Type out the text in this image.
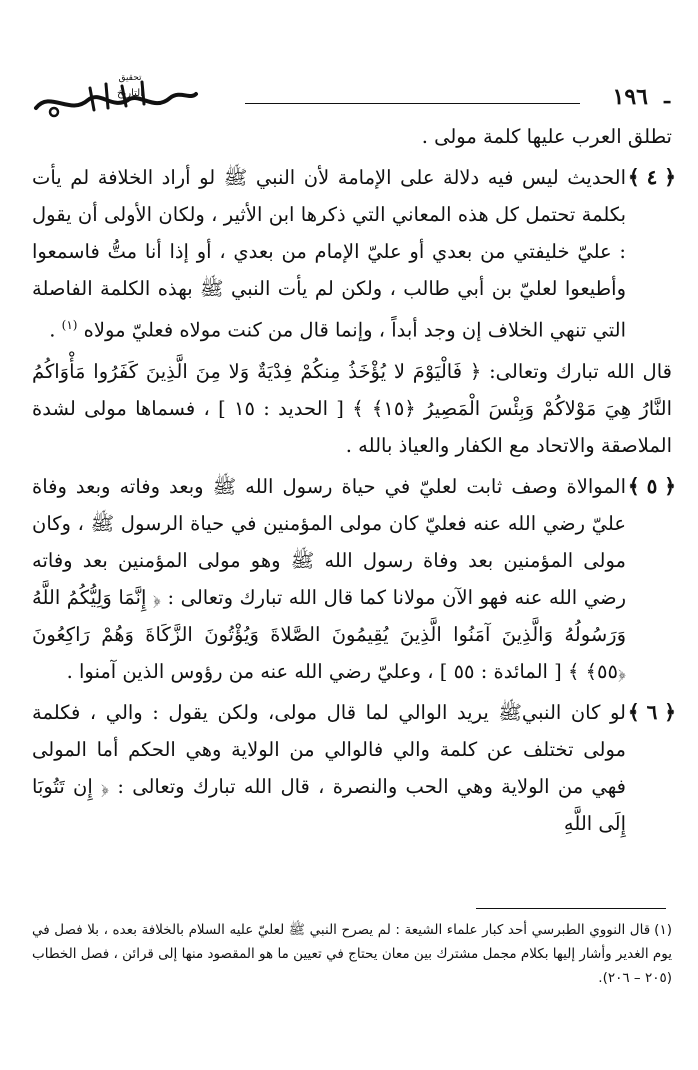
تحقيق
التاريخ	١٩٦ ـ

تطلق العرب عليها كلمة مولى .

﴿ ٤ ﴾
الحديث ليس فيه دلالة على الإمامة لأن النبي ﷺ لو أراد الخلافة لم يأت بكلمة تحتمل كل هذه المعاني التي ذكرها ابن الأثير ، ولكان الأولى أن يقول : عليّ خليفتي من بعدي أو عليّ الإمام من بعدي ، أو إذا أنا متُّ فاسمعوا وأطيعوا لعليّ بن أبي طالب ، ولكن لم يأت النبي ﷺ بهذه الكلمة الفاصلة التي تنهي الخلاف إن وجد أبداً ، وإنما قال من كنت مولاه فعليّ مولاه $^{(١)}$ .

قال الله تبارك وتعالى: ﴿ فَالْيَوْمَ لا يُؤْخَذُ مِنكُمْ فِدْيَةٌ وَلا مِنَ الَّذِينَ كَفَرُوا مَأْوَاكُمُ النَّارُ هِيَ مَوْلاكُمْ وَبِئْسَ الْمَصِيرُ ﴿١٥﴾ ﴾ [ الحديد : ١٥ ] ، فسماها مولى لشدة الملاصقة والاتحاد مع الكفار والعياذ بالله .

﴿ ٥ ﴾
الموالاة وصف ثابت لعليّ في حياة رسول الله ﷺ وبعد وفاته وبعد وفاة عليّ رضي الله عنه فعليّ كان مولى المؤمنين في حياة الرسول ﷺ ، وكان مولى المؤمنين بعد وفاة رسول الله ﷺ وهو مولى المؤمنين بعد وفاته رضي الله عنه فهو الآن مولانا كما قال الله تبارك وتعالى : ﴿ إِنَّمَا وَلِيُّكُمُ اللَّهُ وَرَسُولُهُ وَالَّذِينَ آمَنُوا الَّذِينَ يُقِيمُونَ الصَّلاةَ وَيُؤْتُونَ الزَّكَاةَ وَهُمْ رَاكِعُونَ ﴿٥٥﴾ ﴾ [ المائدة : ٥٥ ] ، وعليّ رضي الله عنه من رؤوس الذين آمنوا .

﴿ ٦ ﴾
لو كان النبيﷺ يريد الوالي لما قال مولى، ولكن يقول : والي ، فكلمة مولى تختلف عن كلمة والي فالوالي من الولاية وهي الحكم أما المولى فهي من الولاية وهي الحب والنصرة ، قال الله تبارك وتعالى : ﴿ إِن تَتُوبَا إِلَى اللَّهِ

(١)قال النووي الطبرسي أحد كبار علماء الشيعة : لم يصرح النبي ﷺ لعليّ عليه السلام بالخلافة بعده ، بلا فصل في يوم الغدير وأشار إليها بكلام مجمل مشترك بين معان يحتاج في تعيين ما هو المقصود منها إلى قرائن ، فصل الخطاب (٢٠٥ – ٢٠٦).
